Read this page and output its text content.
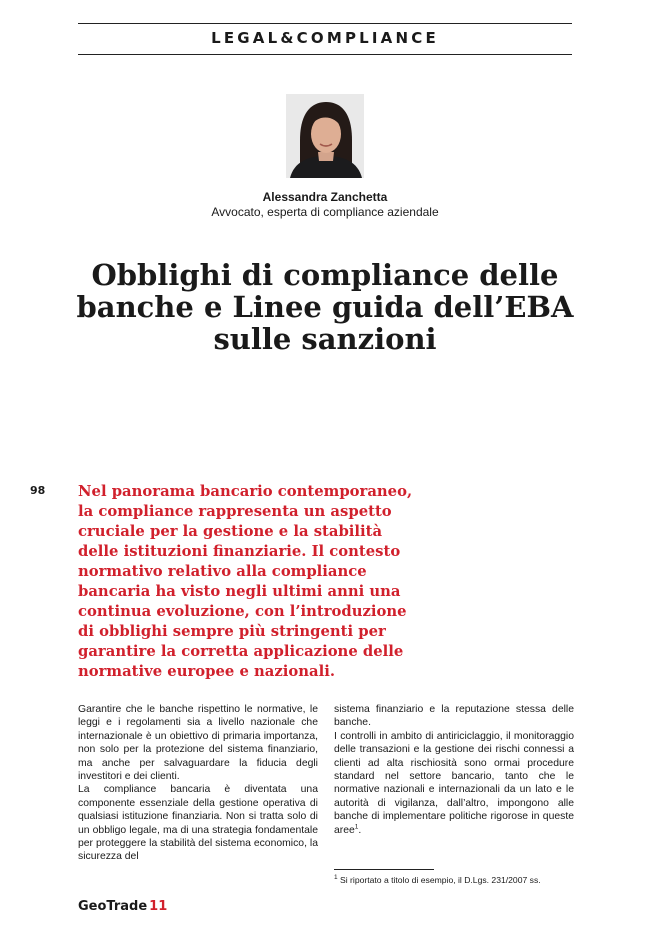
LEGAL&COMPLIANCE
Alessandra Zanchetta
Avvocato, esperta di compliance aziendale
Obblighi di compliance delle
banche e Linee guida dell’EBA
sulle sanzioni
98 Nel panorama bancario contemporaneo,
la compliance rappresenta un aspetto
cruciale per la gestione e la stabilità
delle istituzioni finanziarie. Il contesto
normativo relativo alla compliance
bancaria ha visto negli ultimi anni una
continua evoluzione, con l’introduzione
di obblighi sempre più stringenti per
garantire la corretta applicazione delle
normative europee e nazionali.

Garantire che le banche rispettino le normative, le leggi e i regolamenti sia a livello nazionale che internazionale è un obiettivo di primaria importanza, non solo per la protezione del sistema finanziario, ma anche per salvaguardare la fiducia degli investitori e dei clienti.

La compliance bancaria è diventata una componente essenziale della gestione operativa di qualsiasi istituzione finanziaria. Non si tratta solo di un obbligo legale, ma di una strategia fondamentale per proteggere la stabilità del sistema economico, la sicurezza del

sistema finanziario e la reputazione stessa delle banche.

I controlli in ambito di antiriciclaggio, il monitoraggio delle transazioni e la gestione dei rischi connessi a clienti ad alta rischiosità sono ormai procedure standard nel settore bancario, tanto che le normative nazionali e internazionali da un lato e le autorità di vigilanza, dall’altro, impongono alle banche di implementare politiche rigorose in queste aree$^1$.

$^1$ Si riportato a titolo di esempio, il D.Lgs. 231/2007 ss.
GeoTrade 11
